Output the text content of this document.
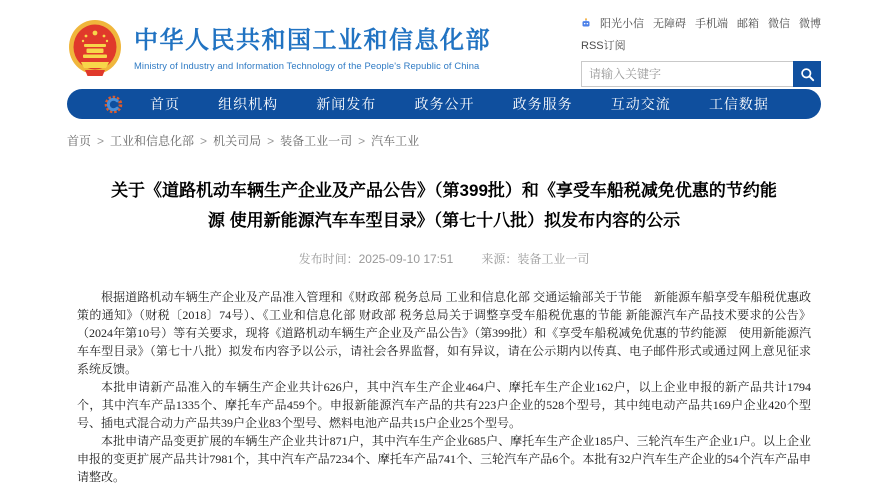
中华人民共和国工业和信息化部
Ministry of Industry and Information Technology of the People's Republic of China
阳光小信 无障碍 手机端 邮箱 微信 微博
RSS订阅
请输入关键字
首页	组织机构	新闻发布	政务公开	政务服务	互动交流	工信数据
首页 > 工业和信息化部 > 机关司局 > 装备工业一司 > 汽车工业
关于《道路机动车辆生产企业及产品公告》（第399批）和《享受车船税减免优惠的节约能源 使用新能源汽车车型目录》（第七十八批）拟发布内容的公示
发布时间：2025-09-10 17:51 来源：装备工业一司

根据道路机动车辆生产企业及产品准入管理和《财政部 税务总局 工业和信息化部 交通运输部关于节能　新能源车船享受车船税优惠政策的通知》（财税〔2018〕74号）、《工业和信息化部 财政部 税务总局关于调整享受车船税优惠的节能 新能源汽车产品技术要求的公告》（2024年第10号）等有关要求，现将《道路机动车辆生产企业及产品公告》（第399批）和《享受车船税减免优惠的节约能源　使用新能源汽车车型目录》（第七十八批）拟发布内容予以公示，请社会各界监督，如有异议，请在公示期内以传真、电子邮件形式或通过网上意见征求系统反馈。

本批申请新产品准入的车辆生产企业共计626户，其中汽车生产企业464户、摩托车生产企业162户，以上企业申报的新产品共计1794个，其中汽车产品1335个、摩托车产品459个。申报新能源汽车产品的共有223户企业的528个型号，其中纯电动产品共169户企业420个型号、插电式混合动力产品共39户企业83个型号、燃料电池产品共15户企业25个型号。

本批申请产品变更扩展的车辆生产企业共计871户，其中汽车生产企业685户、摩托车生产企业185户、三轮汽车生产企业1户。以上企业申报的变更扩展产品共计7981个，其中汽车产品7234个、摩托车产品741个、三轮汽车产品6个。本批有32户汽车生产企业的54个汽车产品申请整改。
